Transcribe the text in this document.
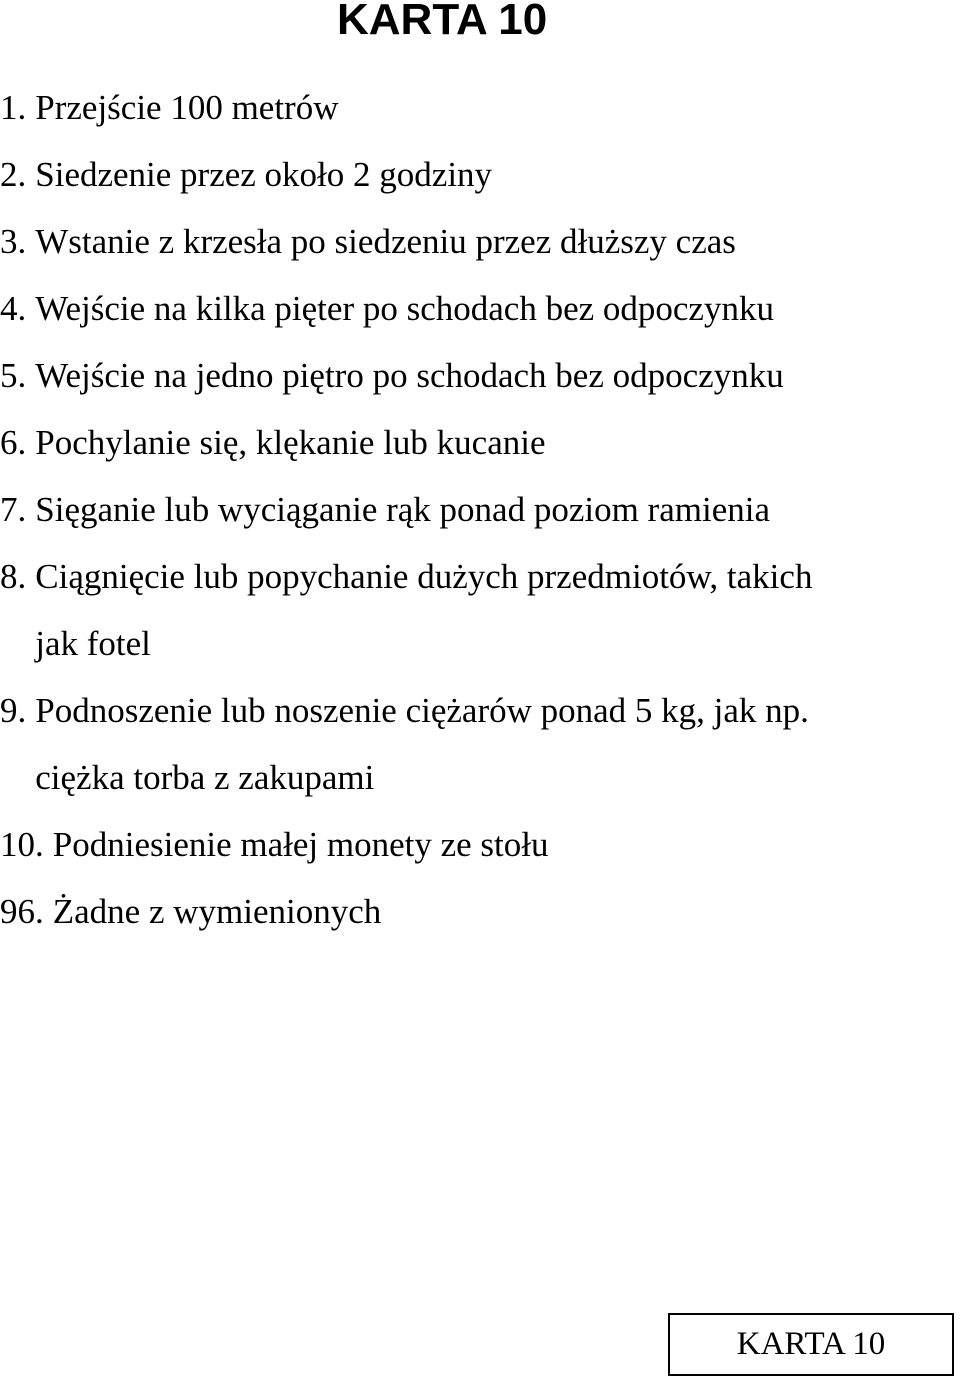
KARTA 10
1. Przejście 100 metrów
2. Siedzenie przez około 2 godziny
3. Wstanie z krzesła po siedzeniu przez dłuższy czas
4. Wejście na kilka pięter po schodach bez odpoczynku
5. Wejście na jedno piętro po schodach bez odpoczynku
6. Pochylanie się, klękanie lub kucanie
7. Sięganie lub wyciąganie rąk ponad poziom ramienia
8. Ciągnięcie lub popychanie dużych przedmiotów, takich jak fotel
9. Podnoszenie lub noszenie ciężarów ponad 5 kg, jak np. ciężka torba z zakupami
10. Podniesienie małej monety ze stołu
96. Żadne z wymienionych
KARTA 10
